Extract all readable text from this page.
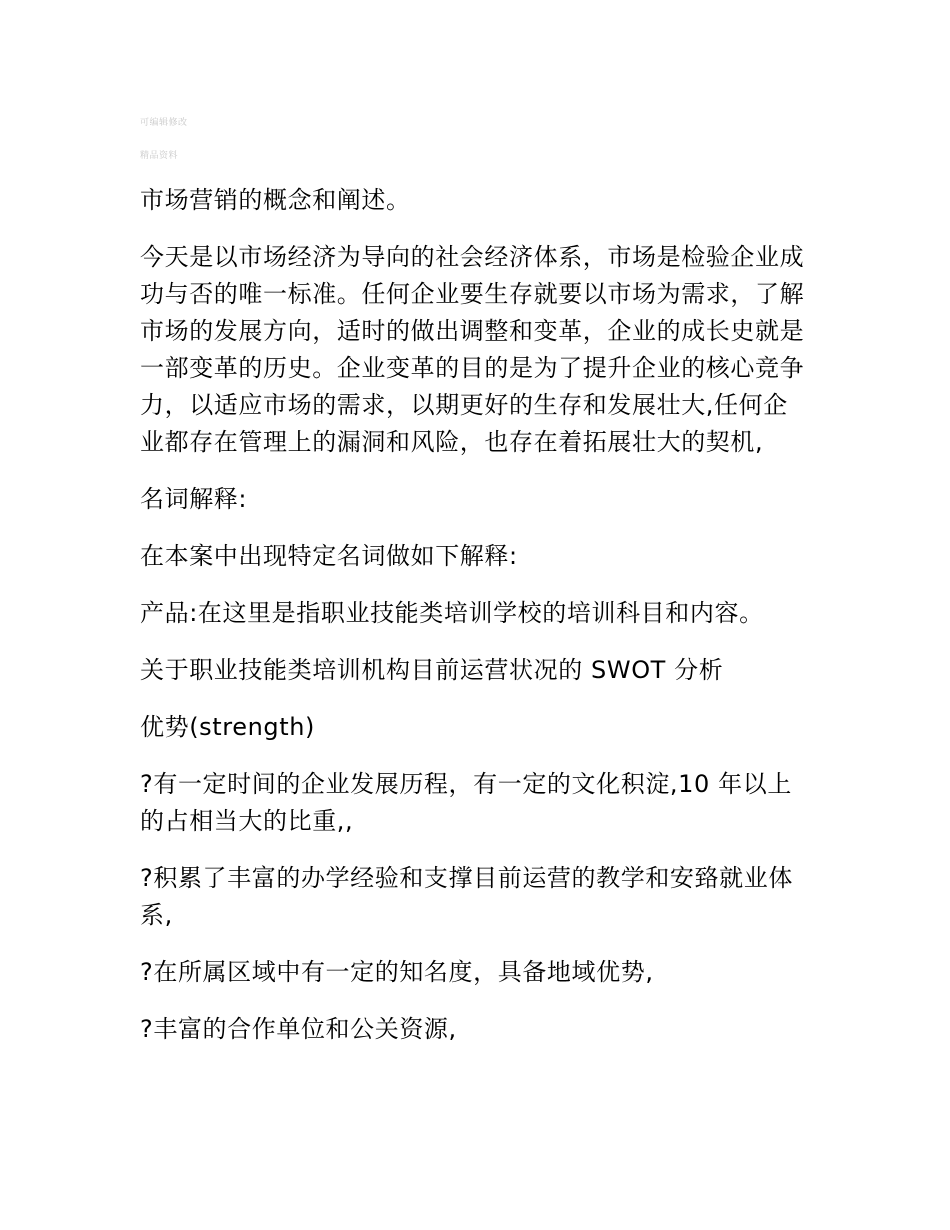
可编辑修改
精品资料

市场营销的概念和阐述。

今天是以市场经济为导向的社会经济体系，市场是检验企业成功与否的唯一标准。任何企业要生存就要以市场为需求，了解市场的发展方向，适时的做出调整和变革，企业的成长史就是一部变革的历史。企业变革的目的是为了提升企业的核心竞争力，以适应市场的需求，以期更好的生存和发展壮大,任何企业都存在管理上的漏洞和风险，也存在着拓展壮大的契机,

名词解释:

在本案中出现特定名词做如下解释:

产品:在这里是指职业技能类培训学校的培训科目和内容。

关于职业技能类培训机构目前运营状况的 SWOT 分析

优势(strength)

?有一定时间的企业发展历程，有一定的文化积淀,10 年以上的占相当大的比重,,

?积累了丰富的办学经验和支撑目前运营的教学和安臵就业体系,

?在所属区域中有一定的知名度，具备地域优势,

?丰富的合作单位和公关资源,
